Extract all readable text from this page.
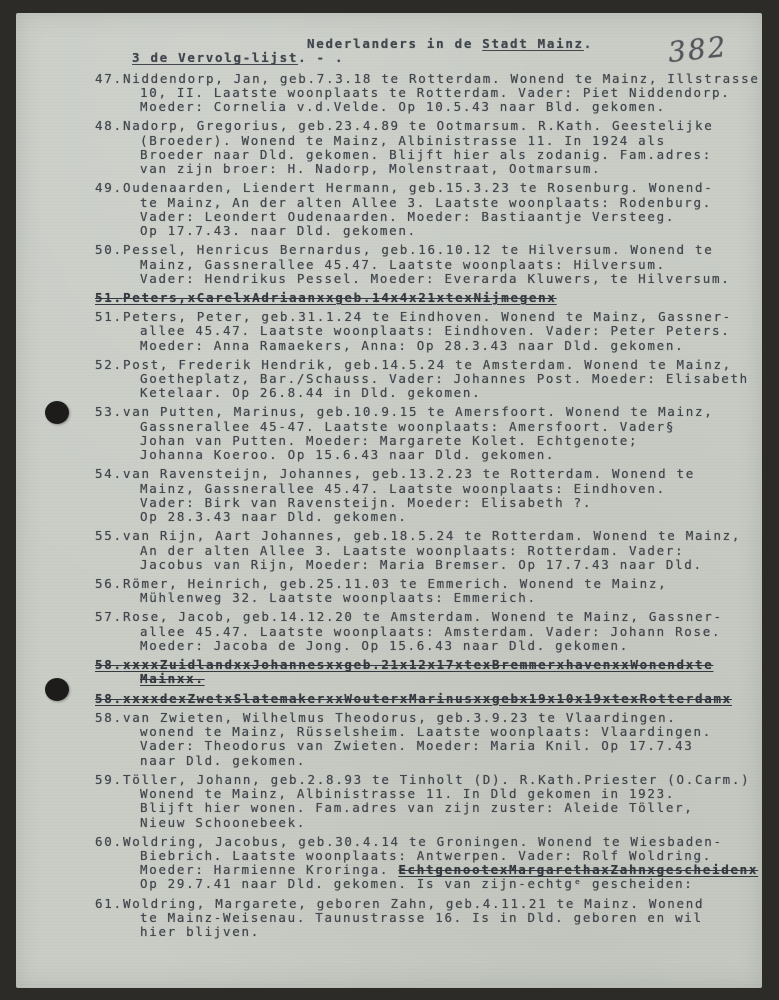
382
Nederlanders in de Stadt Mainz.
3 de Vervolg-lijst. - .
47. Niddendorp, Jan, geb.7.3.18 te Rotterdam. Wonend te Mainz, Illstrasse
10, II. Laatste woonplaats te Rotterdam. Vader: Piet Niddendorp.
Moeder: Cornelia v.d.Velde. Op 10.5.43 naar Bld. gekomen.
48. Nadorp, Gregorius, geb.23.4.89 te Ootmarsum. R.Kath. Geestelijke
(Broeder). Wonend te Mainz, Albinistrasse 11. In 1924 als
Broeder naar Dld. gekomen. Blijft hier als zodanig. Fam.adres:
van zijn broer: H. Nadorp, Molenstraat, Ootmarsum.
49. Oudenaarden, Liendert Hermann, geb.15.3.23 te Rosenburg. Wonend-
te Mainz, An der alten Allee 3. Laatste woonplaats: Rodenburg.
Vader: Leondert Oudenaarden. Moeder: Bastiaantje Versteeg.
Op 17.7.43. naar Dld. gekomen.
50. Pessel, Henricus Bernardus, geb.16.10.12 te Hilversum. Wonend te
Mainz, Gassnerallee 45.47. Laatste woonplaats: Hilversum.
Vader: Hendrikus Pessel. Moeder: Everarda Kluwers, te Hilversum.
51. Peters,xCarelxAdriaanxxgeb.14x4x21xtexNijmegenx
51. Peters, Peter, geb.31.1.24 te Eindhoven. Wonend te Mainz, Gassner-
allee 45.47. Laatste woonplaats: Eindhoven. Vader: Peter Peters.
Moeder: Anna Ramaekers, Anna: Op 28.3.43 naar Dld. gekomen.
52. Post, Frederik Hendrik, geb.14.5.24 te Amsterdam. Wonend te Mainz,
Goetheplatz, Bar./Schauss. Vader: Johannes Post. Moeder: Elisabeth
Ketelaar. Op 26.8.44 in Dld. gekomen.
53. van Putten, Marinus, geb.10.9.15 te Amersfoort. Wonend te Mainz,
Gassnerallee 45-47. Laatste woonplaats: Amersfoort. Vader§
Johan van Putten. Moeder: Margarete Kolet. Echtgenote;
Johanna Koeroo. Op 15.6.43 naar Dld. gekomen.
54. van Ravensteijn, Johannes, geb.13.2.23 te Rotterdam. Wonend te
Mainz, Gassnerallee 45.47. Laatste woonplaats: Eindhoven.
Vader: Birk van Ravensteijn. Moeder: Elisabeth ?.
Op 28.3.43 naar Dld. gekomen.
55. van Rijn, Aart Johannes, geb.18.5.24 te Rotterdam. Wonend te Mainz,
An der alten Allee 3. Laatste woonplaats: Rotterdam. Vader:
Jacobus van Rijn, Moeder: Maria Bremser. Op 17.7.43 naar Dld.
56. Römer, Heinrich, geb.25.11.03 te Emmerich. Wonend te Mainz,
Mühlenweg 32. Laatste woonplaats: Emmerich.
57. Rose, Jacob, geb.14.12.20 te Amsterdam. Wonend te Mainz, Gassner-
allee 45.47. Laatste woonplaats: Amsterdam. Vader: Johann Rose.
Moeder: Jacoba de Jong. Op 15.6.43 naar Dld. gekomen.
58. xxxxZuidlandxxJohannesxxgeb.21x12x17xtexBremmerxhavenxxWonendxte
Mainxx.
58. xxxxdexZwetxSlatemakerxxWouterxMarinusxxgebx19x10x19xtexRotterdamx
58. van Zwieten, Wilhelmus Theodorus, geb.3.9.23 te Vlaardingen.
wonend te Mainz, Rüsselsheim. Laatste woonplaats: Vlaardingen.
Vader: Theodorus van Zwieten. Moeder: Maria Knil. Op 17.7.43
naar Dld. gekomen.
59. Töller, Johann, geb.2.8.93 te Tinholt (D). R.Kath.Priester (O.Carm.)
Wonend te Mainz, Albinistrasse 11. In Dld gekomen in 1923.
Blijft hier wonen. Fam.adres van zijn zuster: Aleide Töller,
Nieuw Schoonebeek.
60. Woldring, Jacobus, geb.30.4.14 te Groningen. Wonend te Wiesbaden-
Biebrich. Laatste woonplaats: Antwerpen. Vader: Rolf Woldring.
Moeder: Harmienne Kroringa. EchtgenootexMargarethaxZahnxgescheidenx
Op 29.7.41 naar Dld. gekomen. Is van zijn-echtgᵉ gescheiden:
61. Woldring, Margarete, geboren Zahn, geb.4.11.21 te Mainz. Wonend
te Mainz-Weisenau. Taunustrasse 16. Is in Dld. geboren en wil
hier blijven.
